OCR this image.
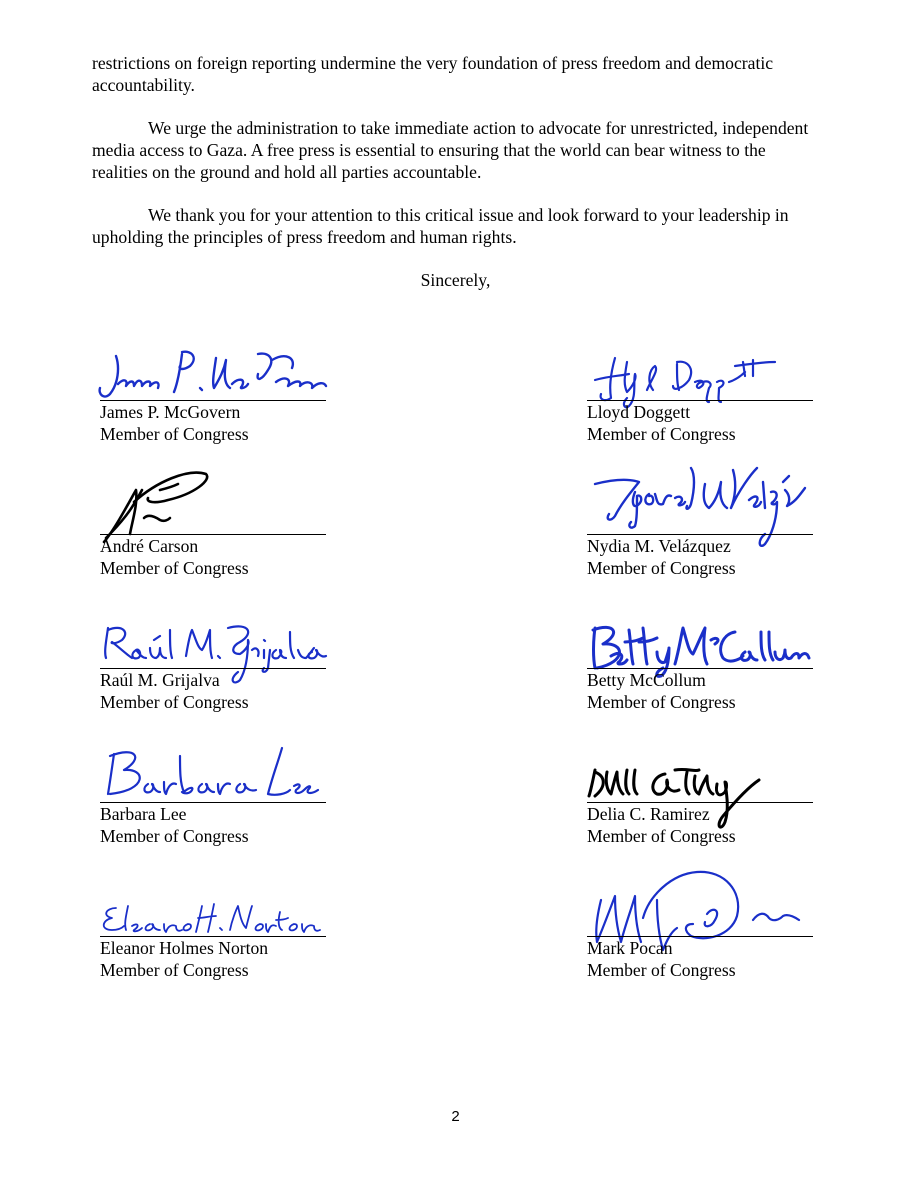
restrictions on foreign reporting undermine the very foundation of press freedom and democratic accountability.

We urge the administration to take immediate action to advocate for unrestricted, independent media access to Gaza. A free press is essential to ensuring that the world can bear witness to the realities on the ground and hold all parties accountable.

We thank you for your attention to this critical issue and look forward to your leadership in upholding the principles of press freedom and human rights.

Sincerely,

James P. McGovern
Member of Congress
Lloyd Doggett
Member of Congress
André Carson
Member of Congress
Nydia M. Velázquez
Member of Congress
Raúl M. Grijalva
Member of Congress
Betty McCollum
Member of Congress
Barbara Lee
Member of Congress
Delia C. Ramirez
Member of Congress
Eleanor Holmes Norton
Member of Congress
Mark Pocan
Member of Congress
2
